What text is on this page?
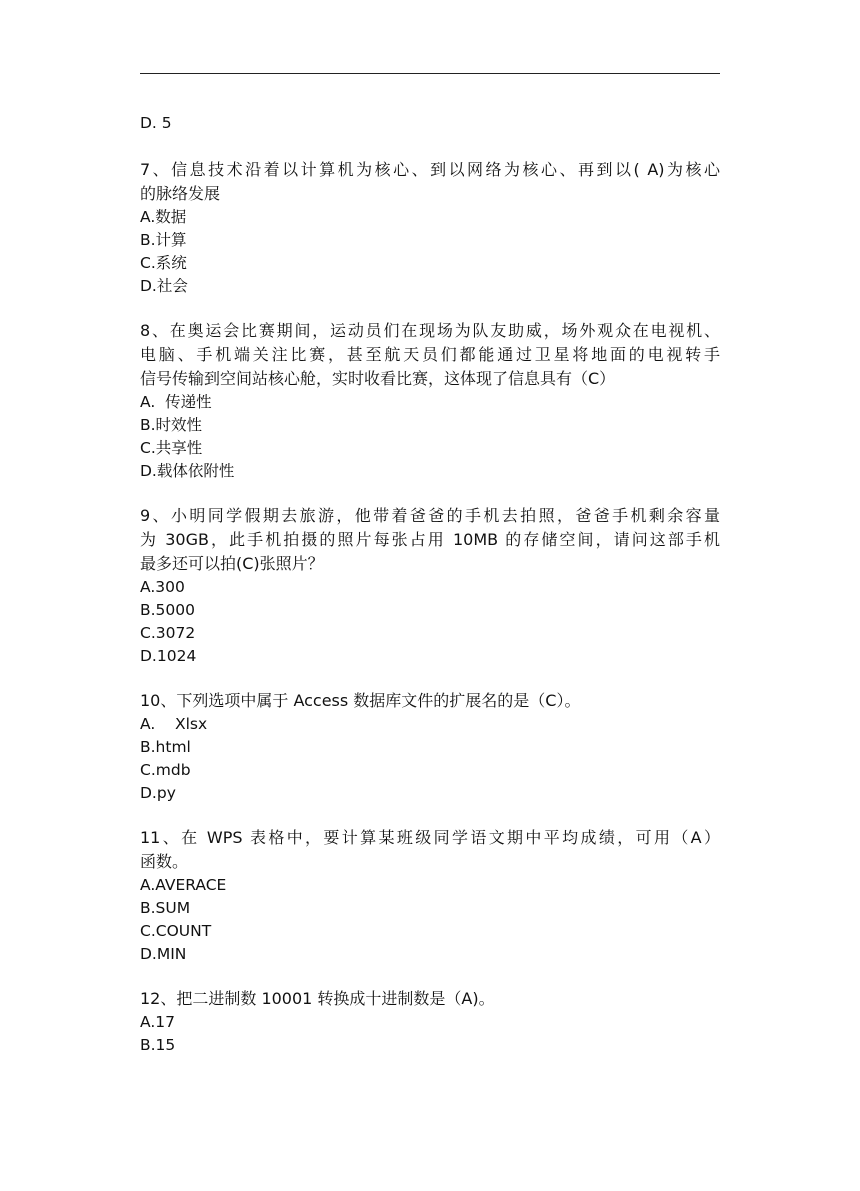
D. 5
7、信息技术沿着以计算机为核心、到以网络为核心、再到以( A)为核心
的脉络发展
A.数据
B.计算
C.系统
D.社会
8、在奥运会比赛期间，运动员们在现场为队友助威，场外观众在电视机、
电脑、手机端关注比赛，甚至航天员们都能通过卫星将地面的电视转手
信号传输到空间站核心舱，实时收看比赛，这体现了信息具有（C）
A.  传递性
B.时效性
C.共享性
D.载体依附性
9、小明同学假期去旅游，他带着爸爸的手机去拍照，爸爸手机剩余容量
为 30GB，此手机拍摄的照片每张占用 10MB 的存储空间，请问这部手机
最多还可以拍(C)张照片？
A.300
B.5000
C.3072
D.1024
10、下列选项中属于 Access 数据库文件的扩展名的是（C）。
A.    Xlsx
B.html
C.mdb
D.py
11、在 WPS 表格中，要计算某班级同学语文期中平均成绩，可用（A）
函数。
A.AVERACE
B.SUM
C.COUNT
D.MIN
12、把二进制数 10001 转换成十进制数是（A)。
A.17
B.15
